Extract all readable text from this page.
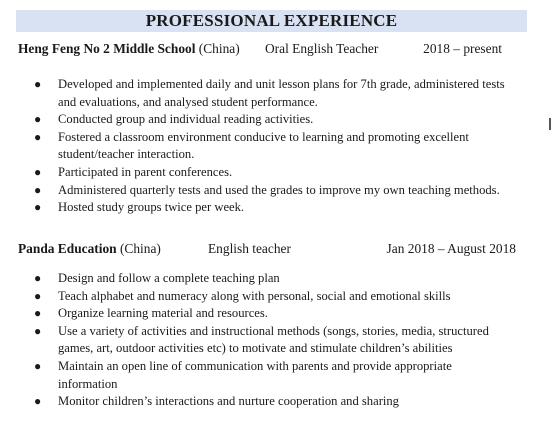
PROFESSIONAL EXPERIENCE
Heng Feng No 2 Middle School (China) Oral English Teacher	2018 – present
● Developed and implemented daily and unit lesson plans for 7th grade, administered tests and evaluations, and analysed student performance.
● Conducted group and individual reading activities.
● Fostered a classroom environment conducive to learning and promoting excellent student/teacher interaction.
● Participated in parent conferences.
● Administered quarterly tests and used the grades to improve my own teaching methods.
● Hosted study groups twice per week.
Panda Education (China)	English teacher	Jan 2018 – August 2018
● Design and follow a complete teaching plan
● Teach alphabet and numeracy along with personal, social and emotional skills
● Organize learning material and resources.
● Use a variety of activities and instructional methods (songs, stories, media, structured games, art, outdoor activities etc) to motivate and stimulate children’s abilities
● Maintain an open line of communication with parents and provide appropriate information
● Monitor children’s interactions and nurture cooperation and sharing
